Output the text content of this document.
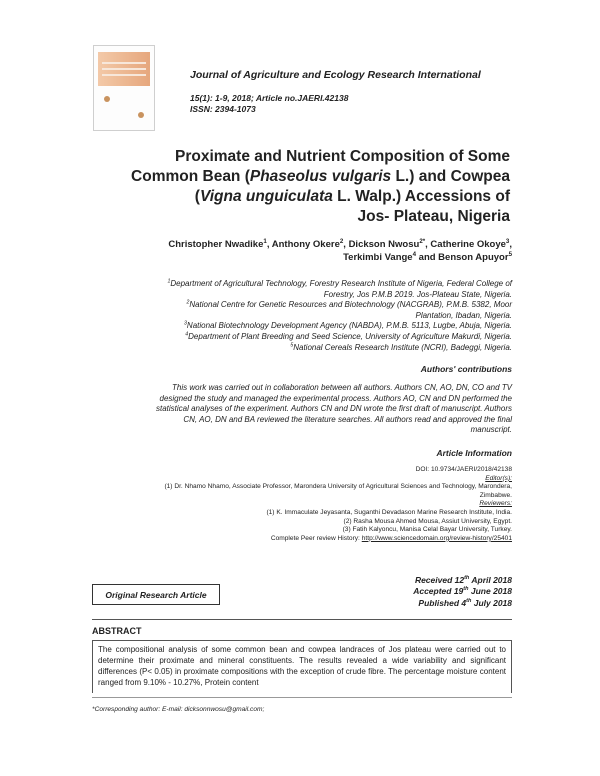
Journal of Agriculture and Ecology Research International
15(1): 1-9, 2018; Article no.JAERI.42138
ISSN: 2394-1073
Proximate and Nutrient Composition of Some
Common Bean (Phaseolus vulgaris L.) and Cowpea
(Vigna unguiculata L. Walp.) Accessions of
Jos- Plateau, Nigeria
Christopher Nwadike$^1$, Anthony Okere$^2$, Dickson Nwosu$^{2*}$, Catherine Okoye$^3$,
Terkimbi Vange$^4$ and Benson Apuyor$^5$
$^1$Department of Agricultural Technology, Forestry Research Institute of Nigeria, Federal College of
Forestry, Jos P.M.B 2019. Jos-Plateau State, Nigeria.
$^2$National Centre for Genetic Resources and Biotechnology (NACGRAB), P.M.B. 5382, Moor
Plantation, Ibadan, Nigeria.
$^3$National Biotechnology Development Agency (NABDA), P.M.B. 5113, Lugbe, Abuja, Nigeria.
$^4$Department of Plant Breeding and Seed Science, University of Agriculture Makurdi, Nigeria.
$^5$National Cereals Research Institute (NCRI), Badeggi, Nigeria.
Authors' contributions
This work was carried out in collaboration between all authors. Authors CN, AO, DN, CO and TV
designed the study and managed the experimental process. Authors AO, CN and DN performed the
statistical analyses of the experiment. Authors CN and DN wrote the first draft of manuscript. Authors
CN, AO, DN and BA reviewed the literature searches. All authors read and approved the final
manuscript.
Article Information
DOI: 10.9734/JAERI/2018/42138
Editor(s):
(1) Dr. Nhamo Nhamo, Associate Professor, Marondera University of Agricultural Sciences and Technology, Marondera,
Zimbabwe.
Reviewers:
(1) K. Immaculate Jeyasanta, Suganthi Devadason Marine Research Institute, India.
(2) Rasha Mousa Ahmed Mousa, Assiut University, Egypt.
(3) Fatih Kalyoncu, Manisa Celal Bayar University, Turkey.
Complete Peer review History: http://www.sciencedomain.org/review-history/25401
Original Research Article
Received 12th April 2018
Accepted 19th June 2018
Published 4th July 2018
ABSTRACT
The compositional analysis of some common bean and cowpea landraces of Jos plateau were carried out to determine their proximate and mineral constituents. The results revealed a wide variability and significant differences (P< 0.05) in proximate compositions with the exception of crude fibre. The percentage moisture content ranged from 9.10% - 10.27%, Protein content
*Corresponding author: E-mail: dicksonnwosu@gmail.com;
